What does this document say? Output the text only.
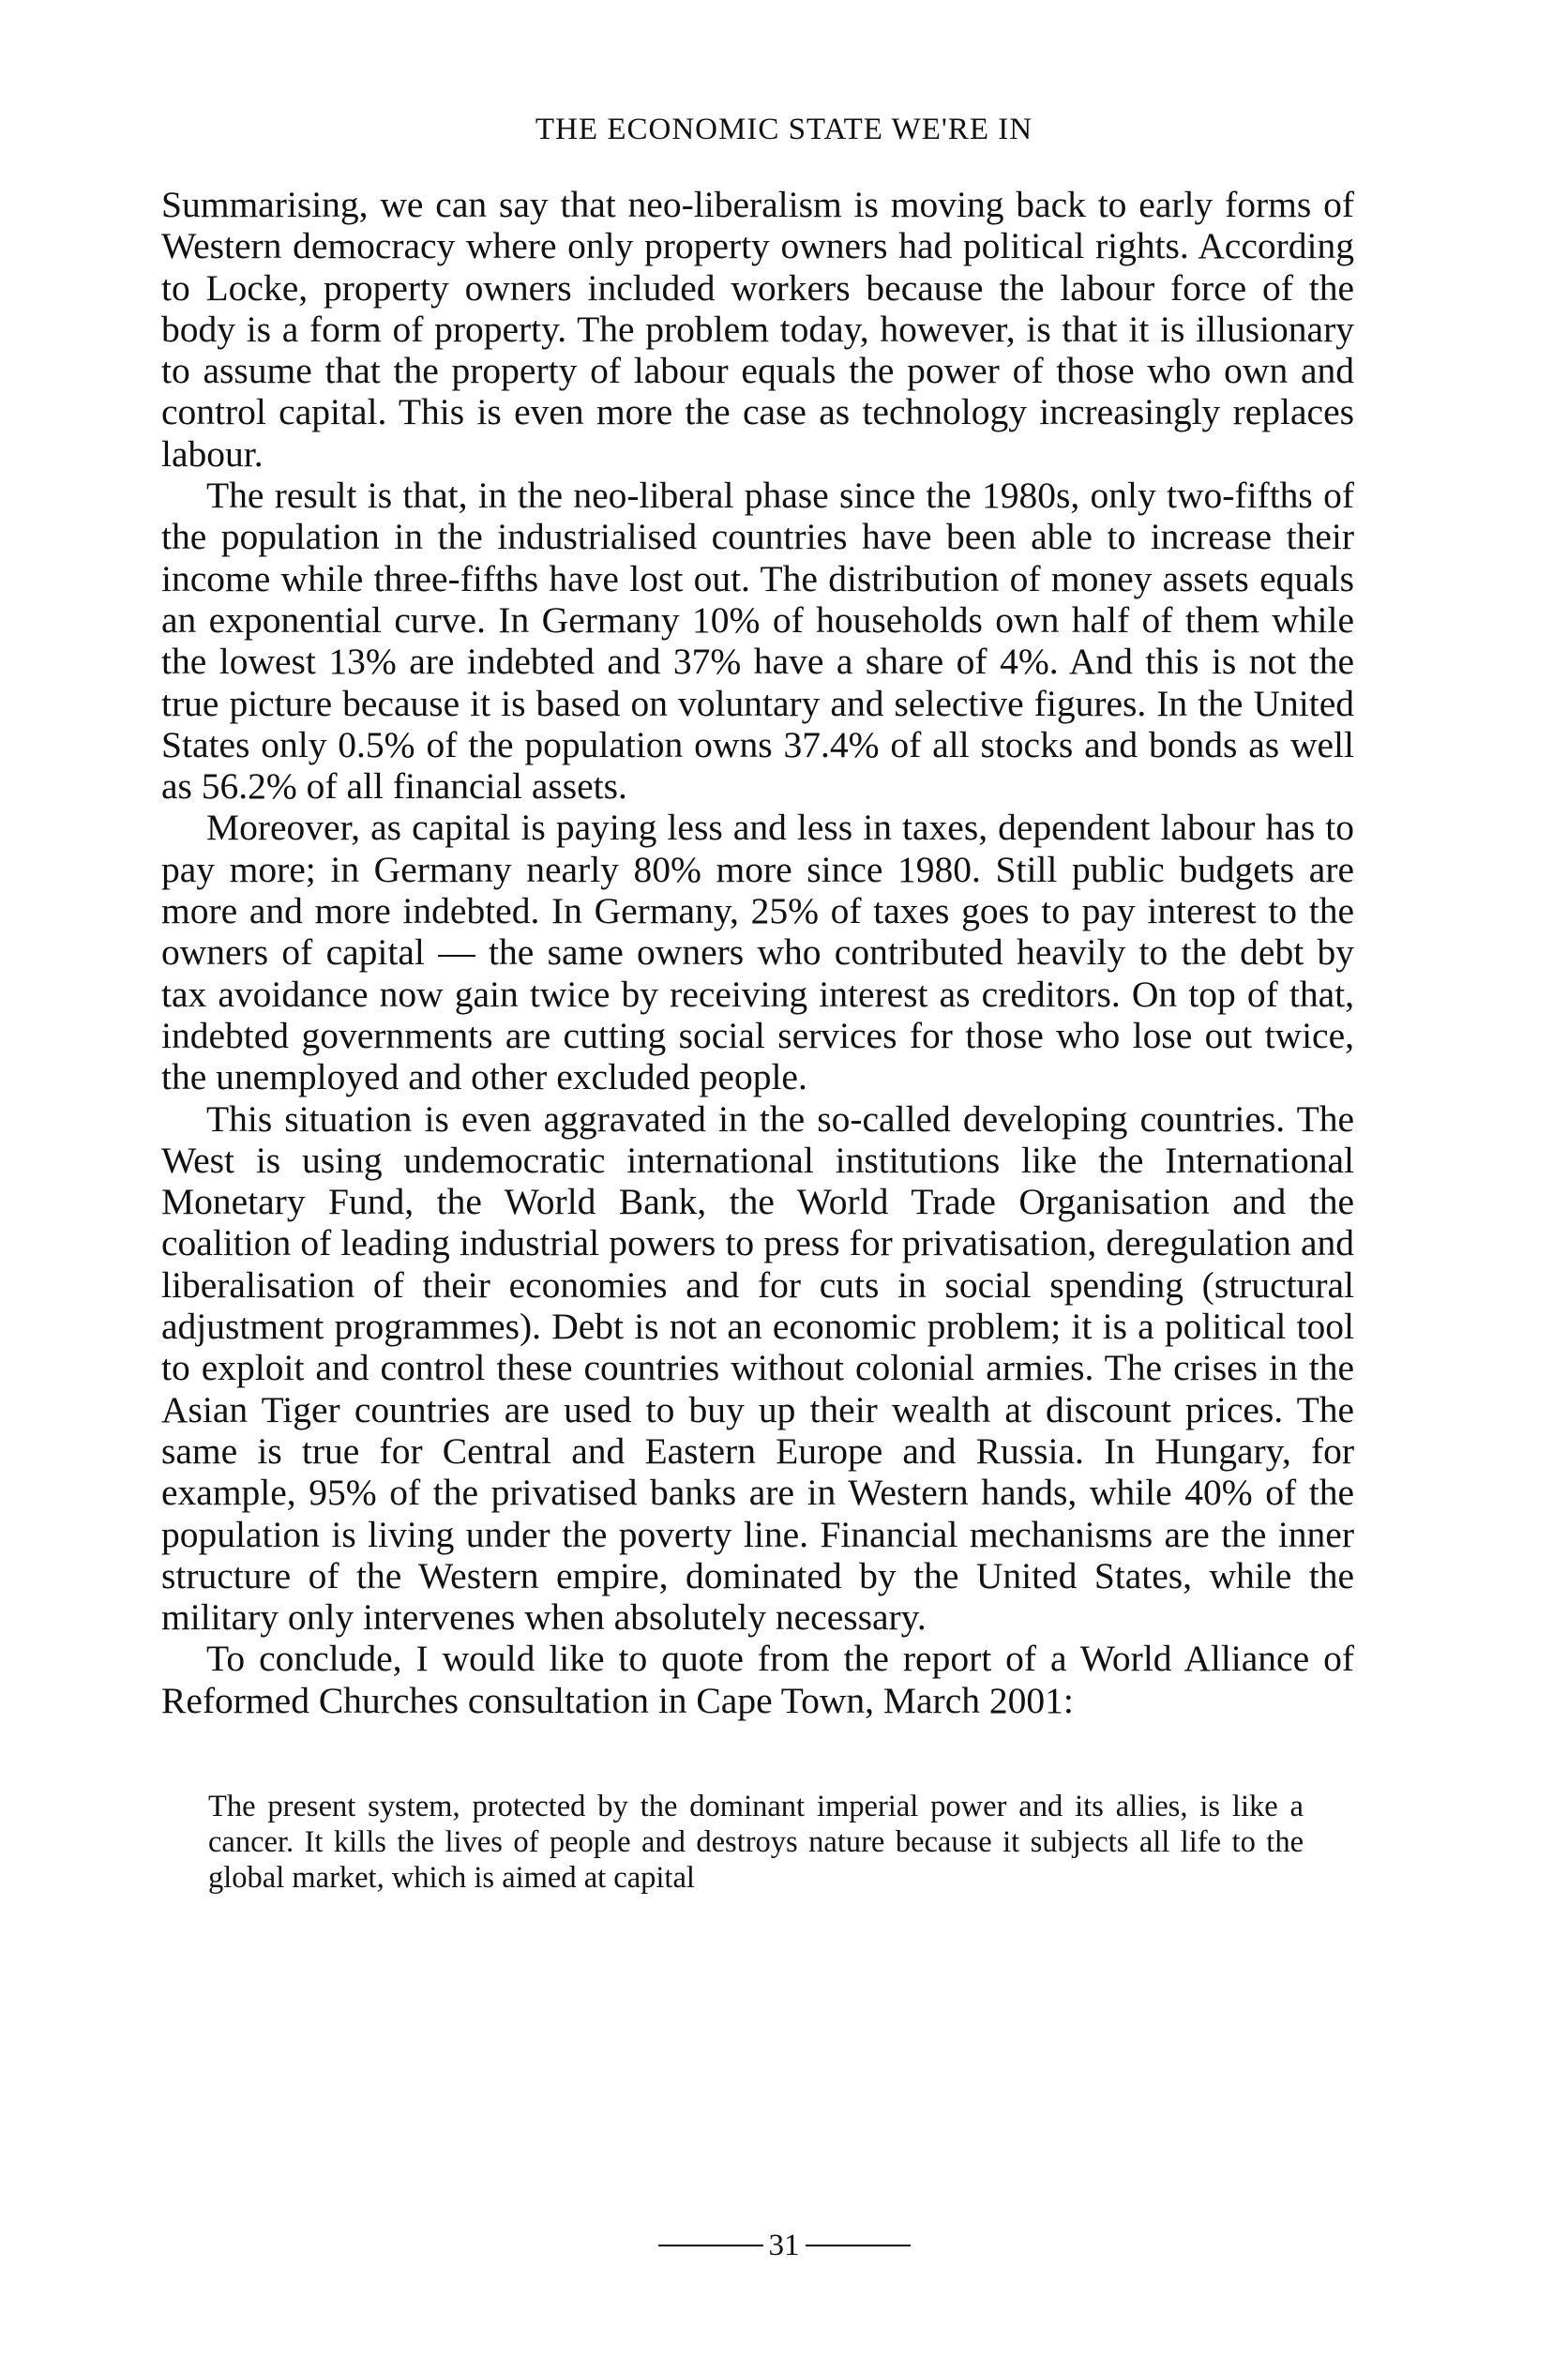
THE ECONOMIC STATE WE'RE IN

Summarising, we can say that neo-liberalism is moving back to early forms of Western democracy where only property owners had political rights. According to Locke, property owners included workers because the labour force of the body is a form of property. The problem today, however, is that it is illusionary to assume that the property of labour equals the power of those who own and control capital. This is even more the case as technology increasingly replaces labour.

The result is that, in the neo-liberal phase since the 1980s, only two-fifths of the population in the industrialised countries have been able to increase their income while three-fifths have lost out. The distribution of money assets equals an exponential curve. In Germany 10% of households own half of them while the lowest 13% are indebted and 37% have a share of 4%. And this is not the true picture because it is based on voluntary and selective figures. In the United States only 0.5% of the population owns 37.4% of all stocks and bonds as well as 56.2% of all financial assets.

Moreover, as capital is paying less and less in taxes, dependent labour has to pay more; in Germany nearly 80% more since 1980. Still public budgets are more and more indebted. In Germany, 25% of taxes goes to pay interest to the owners of capital — the same owners who contributed heavily to the debt by tax avoidance now gain twice by receiving interest as creditors. On top of that, indebted governments are cutting social services for those who lose out twice, the unemployed and other excluded people.

This situation is even aggravated in the so-called developing countries. The West is using undemocratic international institutions like the International Monetary Fund, the World Bank, the World Trade Organisation and the coalition of leading industrial powers to press for privatisation, deregulation and liberalisation of their economies and for cuts in social spending (structural adjustment programmes). Debt is not an economic problem; it is a political tool to exploit and control these countries without colonial armies. The crises in the Asian Tiger countries are used to buy up their wealth at discount prices. The same is true for Central and Eastern Europe and Russia. In Hungary, for example, 95% of the privatised banks are in Western hands, while 40% of the population is living under the poverty line. Financial mechanisms are the inner structure of the Western empire, dominated by the United States, while the military only intervenes when absolutely necessary.

To conclude, I would like to quote from the report of a World Alliance of Reformed Churches consultation in Cape Town, March 2001:

The present system, protected by the dominant imperial power and its allies, is like a cancer. It kills the lives of people and destroys nature because it subjects all life to the global market, which is aimed at capital

31
